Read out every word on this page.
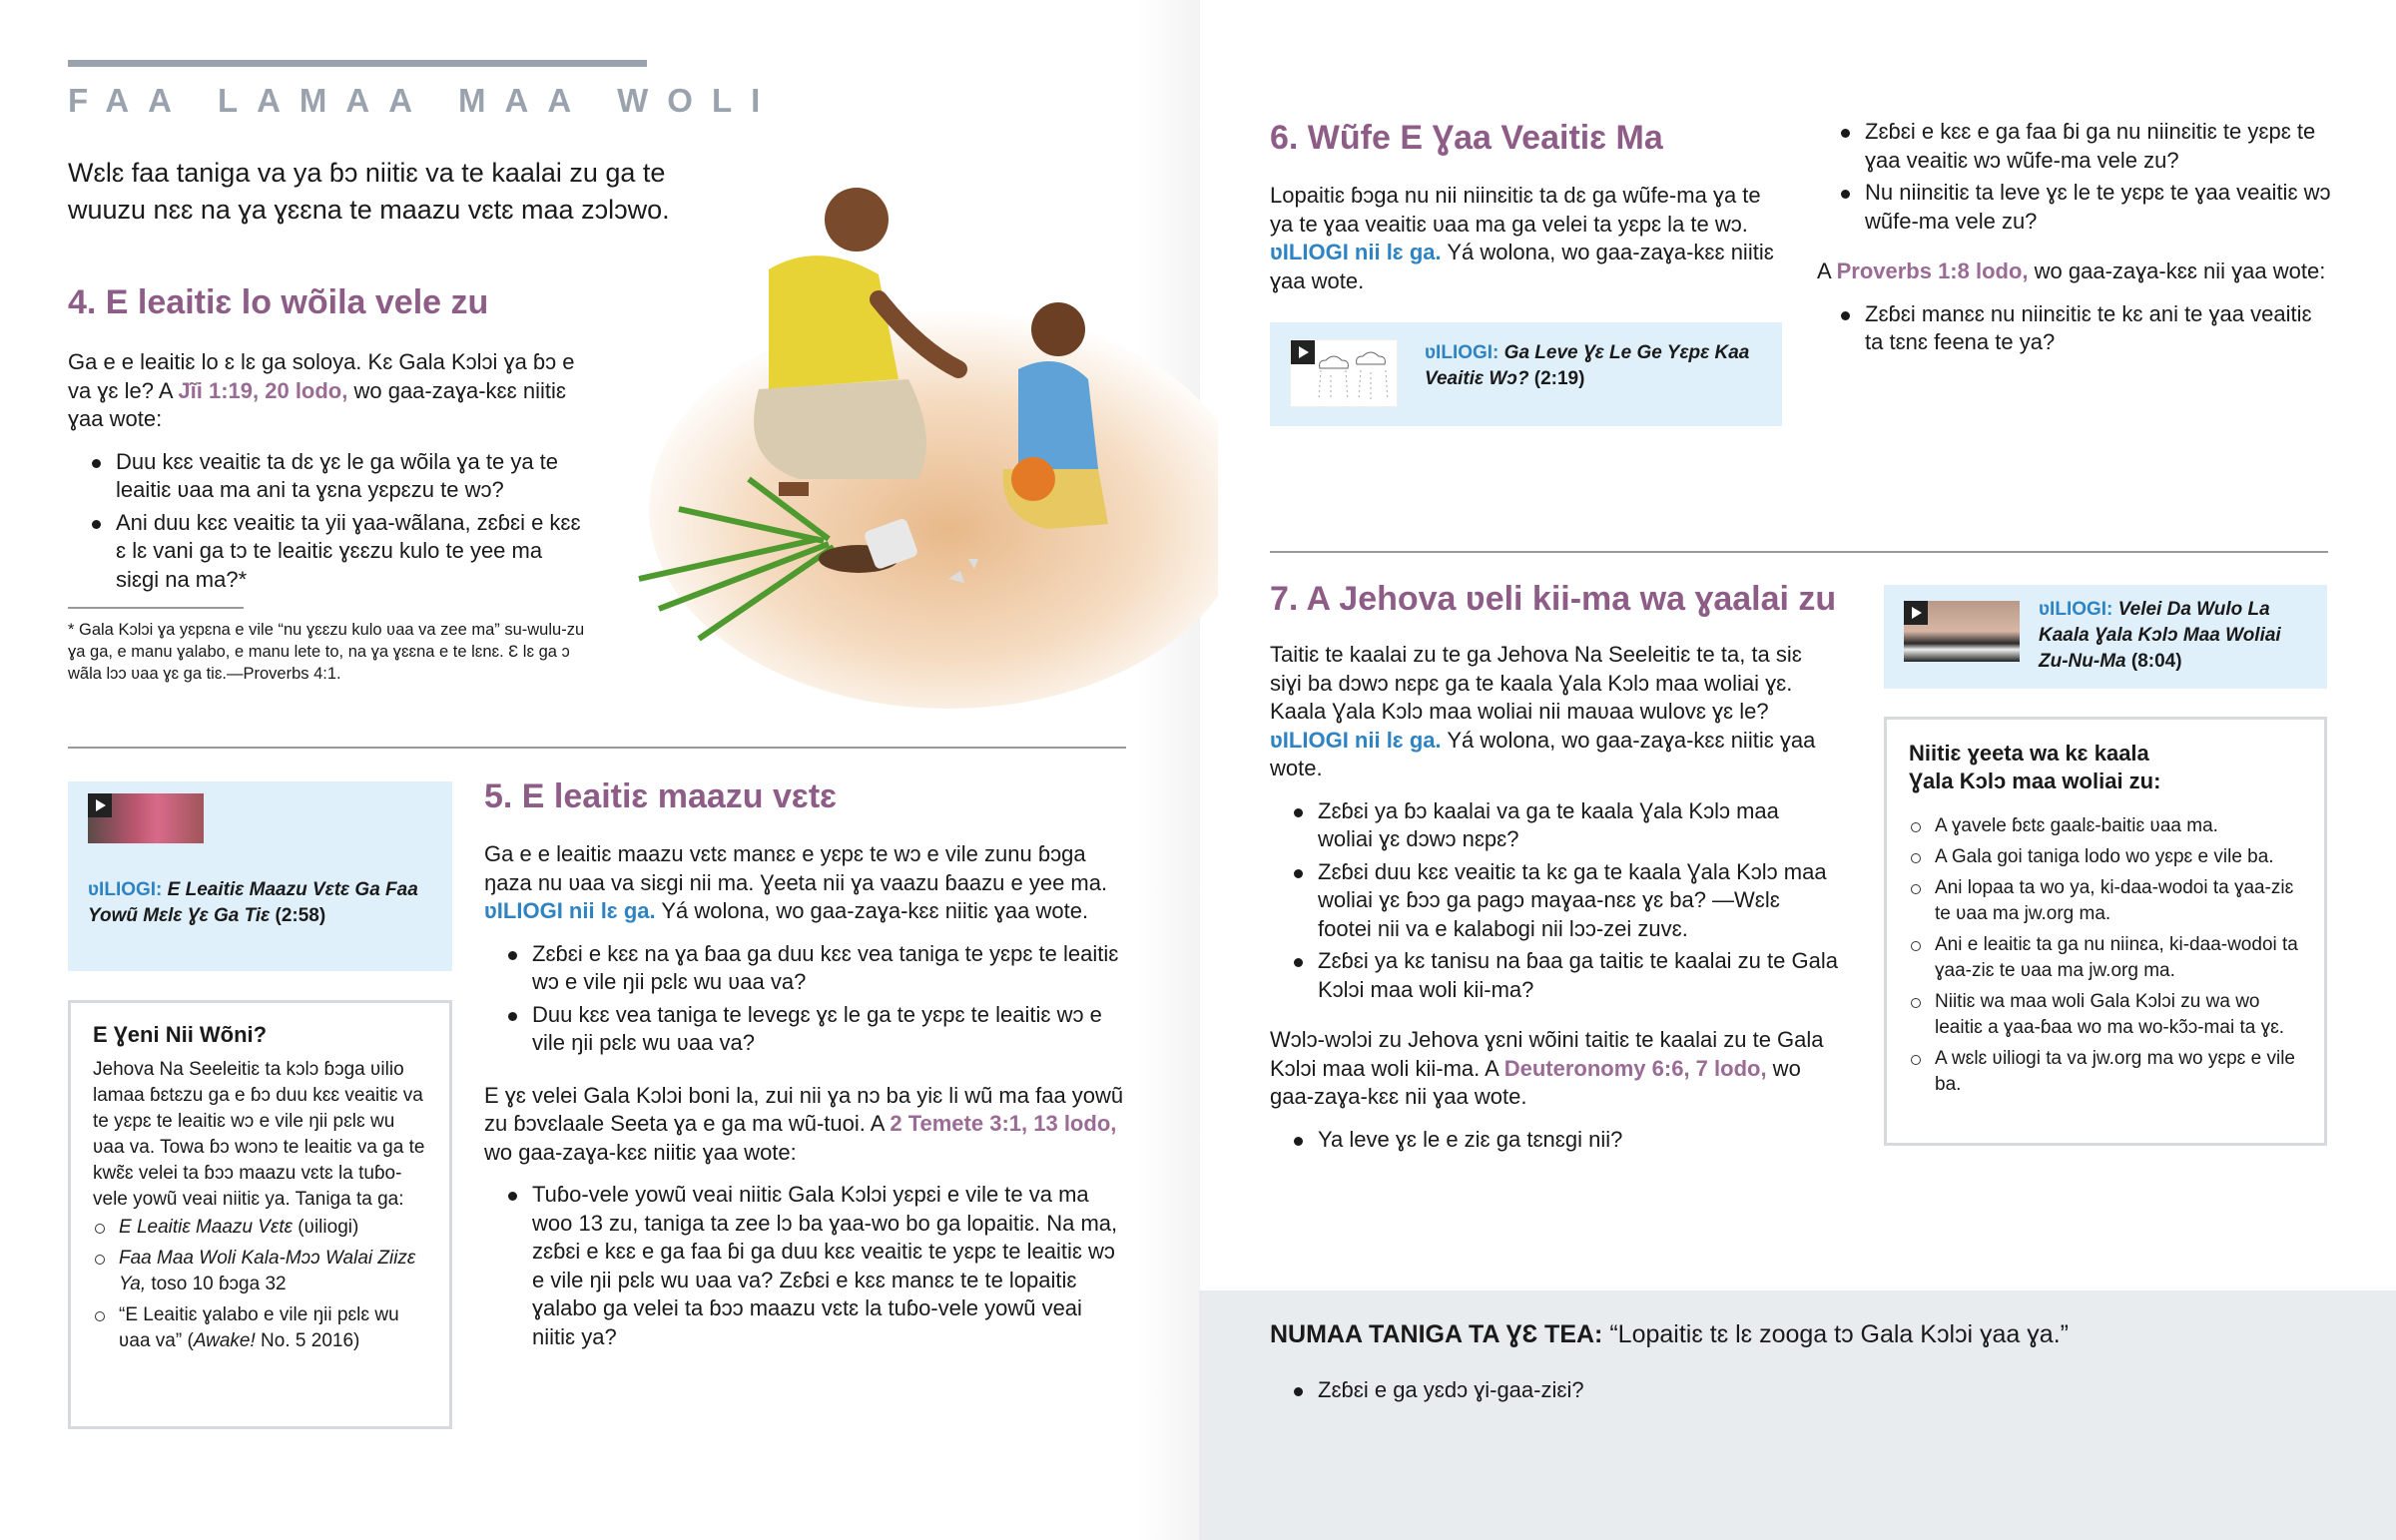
FAA LAMAA MAA WOLI
Wɛlɛ faa taniga va ya ɓɔ niitiɛ va te kaalai zu ga te wuuzu nɛɛ na ɣa ɣɛɛna te maazu vɛtɛ maa zɔlɔwo.
4. E leaitiɛ lo wõila vele zu

Ga e e leaitiɛ lo ɛ lɛ ga soloya. Kɛ Gala Kɔlɔi ɣa ɓɔ e va ɣɛ le? A Jĩi 1:19, 20 lodo, wo gaa-zaɣa-kɛɛ niitiɛ ɣaa wote:

Duu kɛɛ veaitiɛ ta dɛ ɣɛ le ga wõila ɣa te ya te leaitiɛ ʋaa ma ani ta ɣɛna yɛpɛzu te wɔ?
Ani duu kɛɛ veaitiɛ ta yii ɣaa-wãlana, zɛɓɛi e kɛɛ ɛ lɛ vani ga tɔ te leaitiɛ ɣɛɛzu kulo te yee ma siɛgi na ma?*
* Gala Kɔlɔi ɣa yɛpɛna e vile “nu ɣɛɛzu kulo ʋaa va zee ma” su-wulu-zu ɣa ga, e manu ɣalabo, e manu lete to, na ɣa ɣɛɛna e te lɛnɛ. Ɛ lɛ ga ɔ wãla lɔɔ ʋaa ɣɛ ga tiɛ.—Proverbs 4:1.
ʋILIOGI: E Leaitiɛ Maazu Vɛtɛ Ga Faa Yowũ Mɛlɛ Ɣɛ Ga Tiɛ (2:58)
E Ɣeni Nii Wõni?

Jehova Na Seeleitiɛ ta kɔlɔ ɓɔga ʋilio lamaa ɓɛtɛzu ga e ɓɔ duu kɛɛ veaitiɛ va te yɛpɛ te leaitiɛ wɔ e vile ŋii pɛlɛ wu ʋaa va. Towa ɓɔ wɔnɔ te leaitiɛ va ga te kwɛ̃ɛ velei ta ɓɔɔ maazu vɛtɛ la tuɓo-vele yowũ veai niitiɛ ya. Taniga ta ga:

E Leaitiɛ Maazu Vɛtɛ (ʋiliogi)
Faa Maa Woli Kala-Mɔɔ Walai Ziizɛ Ya, toso 10 ɓɔga 32
“E Leaitiɛ ɣalabo e vile ŋii pɛlɛ wu ʋaa va” (Awake! No. 5 2016)
5. E leaitiɛ maazu vɛtɛ

Ga e e leaitiɛ maazu vɛtɛ manɛɛ e yɛpɛ te wɔ e vile zunu ɓɔga ŋaza nu ʋaa va siɛgi nii ma. Ɣeeta nii ɣa vaazu ɓaazu e yee ma. ʋILIOGI nii lɛ ga. Yá wolona, wo gaa-zaɣa-kɛɛ niitiɛ ɣaa wote.

Zɛɓɛi e kɛɛ na ɣa ɓaa ga duu kɛɛ vea taniga te yɛpɛ te leaitiɛ wɔ e vile ŋii pɛlɛ wu ʋaa va?
Duu kɛɛ vea taniga te levegɛ ɣɛ le ga te yɛpɛ te leaitiɛ wɔ e vile ŋii pɛlɛ wu ʋaa va?

E ɣɛ velei Gala Kɔlɔi boni la, zui nii ɣa nɔ ba yiɛ li wũ ma faa yowũ zu ɓɔvɛlaale Seeta ɣa e ga ma wũ-tuoi. A 2 Temete 3:1, 13 lodo, wo gaa-zaɣa-kɛɛ niitiɛ ɣaa wote:

Tuɓo-vele yowũ veai niitiɛ Gala Kɔlɔi yɛpɛi e vile te va ma woo 13 zu, taniga ta zee lɔ ba ɣaa-wo bo ga lopaitiɛ. Na ma, zɛɓɛi e kɛɛ e ga faa ɓi ga duu kɛɛ veaitiɛ te yɛpɛ te leaitiɛ wɔ e vile ŋii pɛlɛ wu ʋaa va? Zɛɓɛi e kɛɛ manɛɛ te te lopaitiɛ ɣalabo ga velei ta ɓɔɔ maazu vɛtɛ la tuɓo-vele yowũ veai niitiɛ ya?
6. Wũfe E Ɣaa Veaitiɛ Ma

Lopaitiɛ ɓɔga nu nii niinɛitiɛ ta dɛ ga wũfe-ma ɣa te ya te ɣaa veaitiɛ ʋaa ma ga velei ta yɛpɛ la te wɔ. ʋILIOGI nii lɛ ga. Yá wolona, wo gaa-zaɣa-kɛɛ niitiɛ ɣaa wote.

ʋILIOGI: Ga Leve Ɣɛ Le Ge Yɛpɛ Kaa Veaitiɛ Wɔ? (2:19)
Zɛɓɛi e kɛɛ e ga faa ɓi ga nu niinɛitiɛ te yɛpɛ te ɣaa veaitiɛ wɔ wũfe-ma vele zu?
Nu niinɛitiɛ ta leve ɣɛ le te yɛpɛ te ɣaa veaitiɛ wɔ wũfe-ma vele zu?

A Proverbs 1:8 lodo, wo gaa-zaɣa-kɛɛ nii ɣaa wote:

Zɛɓɛi manɛɛ nu niinɛitiɛ te kɛ ani te ɣaa veaitiɛ ta tɛnɛ feena te ya?
7. A Jehova ʋeli kii-ma wa ɣaalai zu

Taitiɛ te kaalai zu te ga Jehova Na Seeleitiɛ te ta, ta siɛ siɣi ba dɔwɔ nɛpɛ ga te kaala Ɣala Kɔlɔ maa woliai ɣɛ. Kaala Ɣala Kɔlɔ maa woliai nii maʋaa wulovɛ ɣɛ le? ʋILIOGI nii lɛ ga. Yá wolona, wo gaa-zaɣa-kɛɛ niitiɛ ɣaa wote.

Zɛɓɛi ya ɓɔ kaalai va ga te kaala Ɣala Kɔlɔ maa woliai ɣɛ dɔwɔ nɛpɛ?
Zɛɓɛi duu kɛɛ veaitiɛ ta kɛ ga te kaala Ɣala Kɔlɔ maa woliai ɣɛ ɓɔɔ ga pagɔ maɣaa-nɛɛ ɣɛ ba? —Wɛlɛ footei nii va e kalabogi nii lɔɔ-zei zuvɛ.
Zɛɓɛi ya kɛ tanisu na ɓaa ga taitiɛ te kaalai zu te Gala Kɔlɔi maa woli kii-ma?

Wɔlɔ-wɔlɔi zu Jehova ɣɛni wõini taitiɛ te kaalai zu te Gala Kɔlɔi maa woli kii-ma. A Deuteronomy 6:6, 7 lodo, wo gaa-zaɣa-kɛɛ nii ɣaa wote.

Ya leve ɣɛ le e ziɛ ga tɛnɛgi nii?
ʋILIOGI: Velei Da Wulo La Kaala Ɣala Kɔlɔ Maa Woliai Zu-Nu-Ma (8:04)
Niitiɛ ɣeeta wa kɛ kaala Ɣala Kɔlɔ maa woliai zu:
A ɣavele ɓɛtɛ gaalɛ-baitiɛ ʋaa ma.
A Gala goi taniga lodo wo yɛpɛ e vile ba.
Ani lopaa ta wo ya, ki-daa-wodoi ta ɣaa-ziɛ te ʋaa ma jw.org ma.
Ani e leaitiɛ ta ga nu niinɛa, ki-daa-wodoi ta ɣaa-ziɛ te ʋaa ma jw.org ma.
Niitiɛ wa maa woli Gala Kɔlɔi zu wa wo leaitiɛ a ɣaa-ɓaa wo ma wo-kɔ̃ɔ-mai ta ɣɛ.
A wɛlɛ ʋiliogi ta va jw.org ma wo yɛpɛ e vile ba.

NUMAA TANIGA TA ƔƐ TEA: “Lopaitiɛ tɛ lɛ zooga tɔ Gala Kɔlɔi ɣaa ɣa.”

Zɛɓɛi e ga yɛdɔ ɣi-gaa-ziɛi?
